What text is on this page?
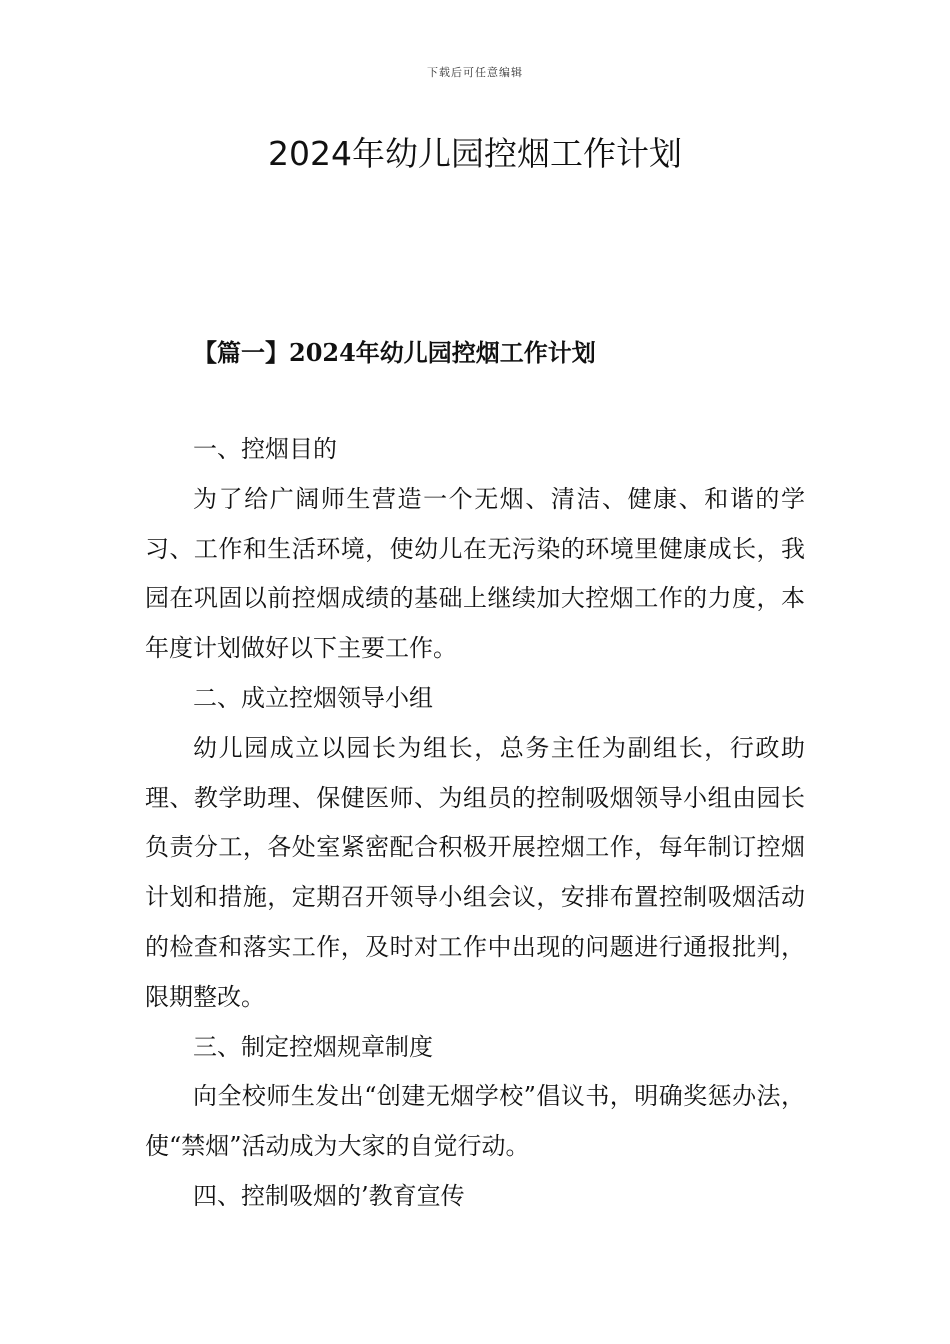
下载后可任意编辑
2024年幼儿园控烟工作计划
【篇一】2024年幼儿园控烟工作计划

一、控烟目的

为了给广阔师生营造一个无烟、清洁、健康、和谐的学习、工作和生活环境，使幼儿在无污染的环境里健康成长，我园在巩固以前控烟成绩的基础上继续加大控烟工作的力度，本年度计划做好以下主要工作。

二、成立控烟领导小组

幼儿园成立以园长为组长，总务主任为副组长，行政助理、教学助理、保健医师、为组员的控制吸烟领导小组由园长负责分工，各处室紧密配合积极开展控烟工作，每年制订控烟计划和措施，定期召开领导小组会议，安排布置控制吸烟活动的检查和落实工作，及时对工作中出现的问题进行通报批判，限期整改。

三、制定控烟规章制度

向全校师生发出“创建无烟学校”倡议书，明确奖惩办法，使“禁烟”活动成为大家的自觉行动。

四、控制吸烟的’教育宣传
